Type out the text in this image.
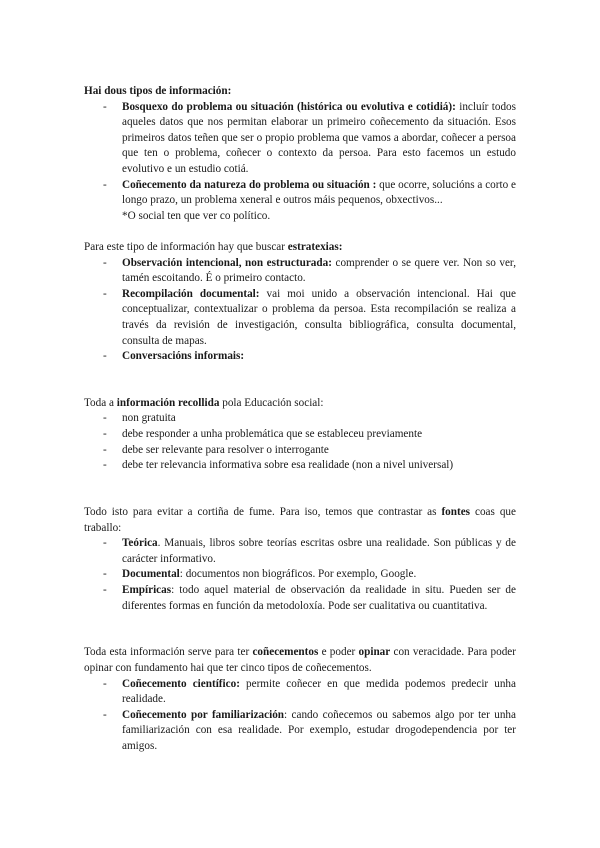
Hai dous tipos de información:

- Bosquexo do problema ou situación (histórica ou evolutiva e cotidiá): incluír todos aqueles datos que nos permitan elaborar un primeiro coñecemento da situación. Esos primeiros datos teñen que ser o propio problema que vamos a abordar, coñecer a persoa que ten o problema, coñecer o contexto da persoa. Para esto facemos un estudo evolutivo e un estudio cotiá.
- Coñecemento da natureza do problema ou situación : que ocorre, solucións a corto e longo prazo, un problema xeneral e outros máis pequenos, obxectivos...
*O social ten que ver co político.

Para este tipo de información hay que buscar estratexias:

- Observación intencional, non estructurada: comprender o se quere ver. Non so ver, tamén escoitando. É o primeiro contacto.
- Recompilación documental: vai moi unido a observación intencional. Hai que conceptualizar, contextualizar o problema da persoa. Esta recompilación se realiza a través da revisión de investigación, consulta bibliográfica, consulta documental, consulta de mapas.
- Conversacións informais:

Toda a información recollida pola Educación social:

- non gratuita
- debe responder a unha problemática que se estableceu previamente
- debe ser relevante para resolver o interrogante
- debe ter relevancia informativa sobre esa realidade (non a nivel universal)

Todo isto para evitar a cortiña de fume. Para iso, temos que contrastar as fontes coas que traballo:

- Teórica. Manuais, libros sobre teorías escritas osbre una realidade. Son públicas y de carácter informativo.
- Documental: documentos non biográficos. Por exemplo, Google.
- Empíricas: todo aquel material de observación da realidade in situ. Pueden ser de diferentes formas en función da metodoloxía. Pode ser cualitativa ou cuantitativa.

Toda esta información serve para ter coñecementos e poder opinar con veracidade. Para poder opinar con fundamento hai que ter cinco tipos de coñecementos.

- Coñecemento científico: permite coñecer en que medida podemos predecir unha realidade.
- Coñecemento por familiarización: cando coñecemos ou sabemos algo por ter unha familiarización con esa realidade. Por exemplo, estudar drogodependencia por ter amigos.
